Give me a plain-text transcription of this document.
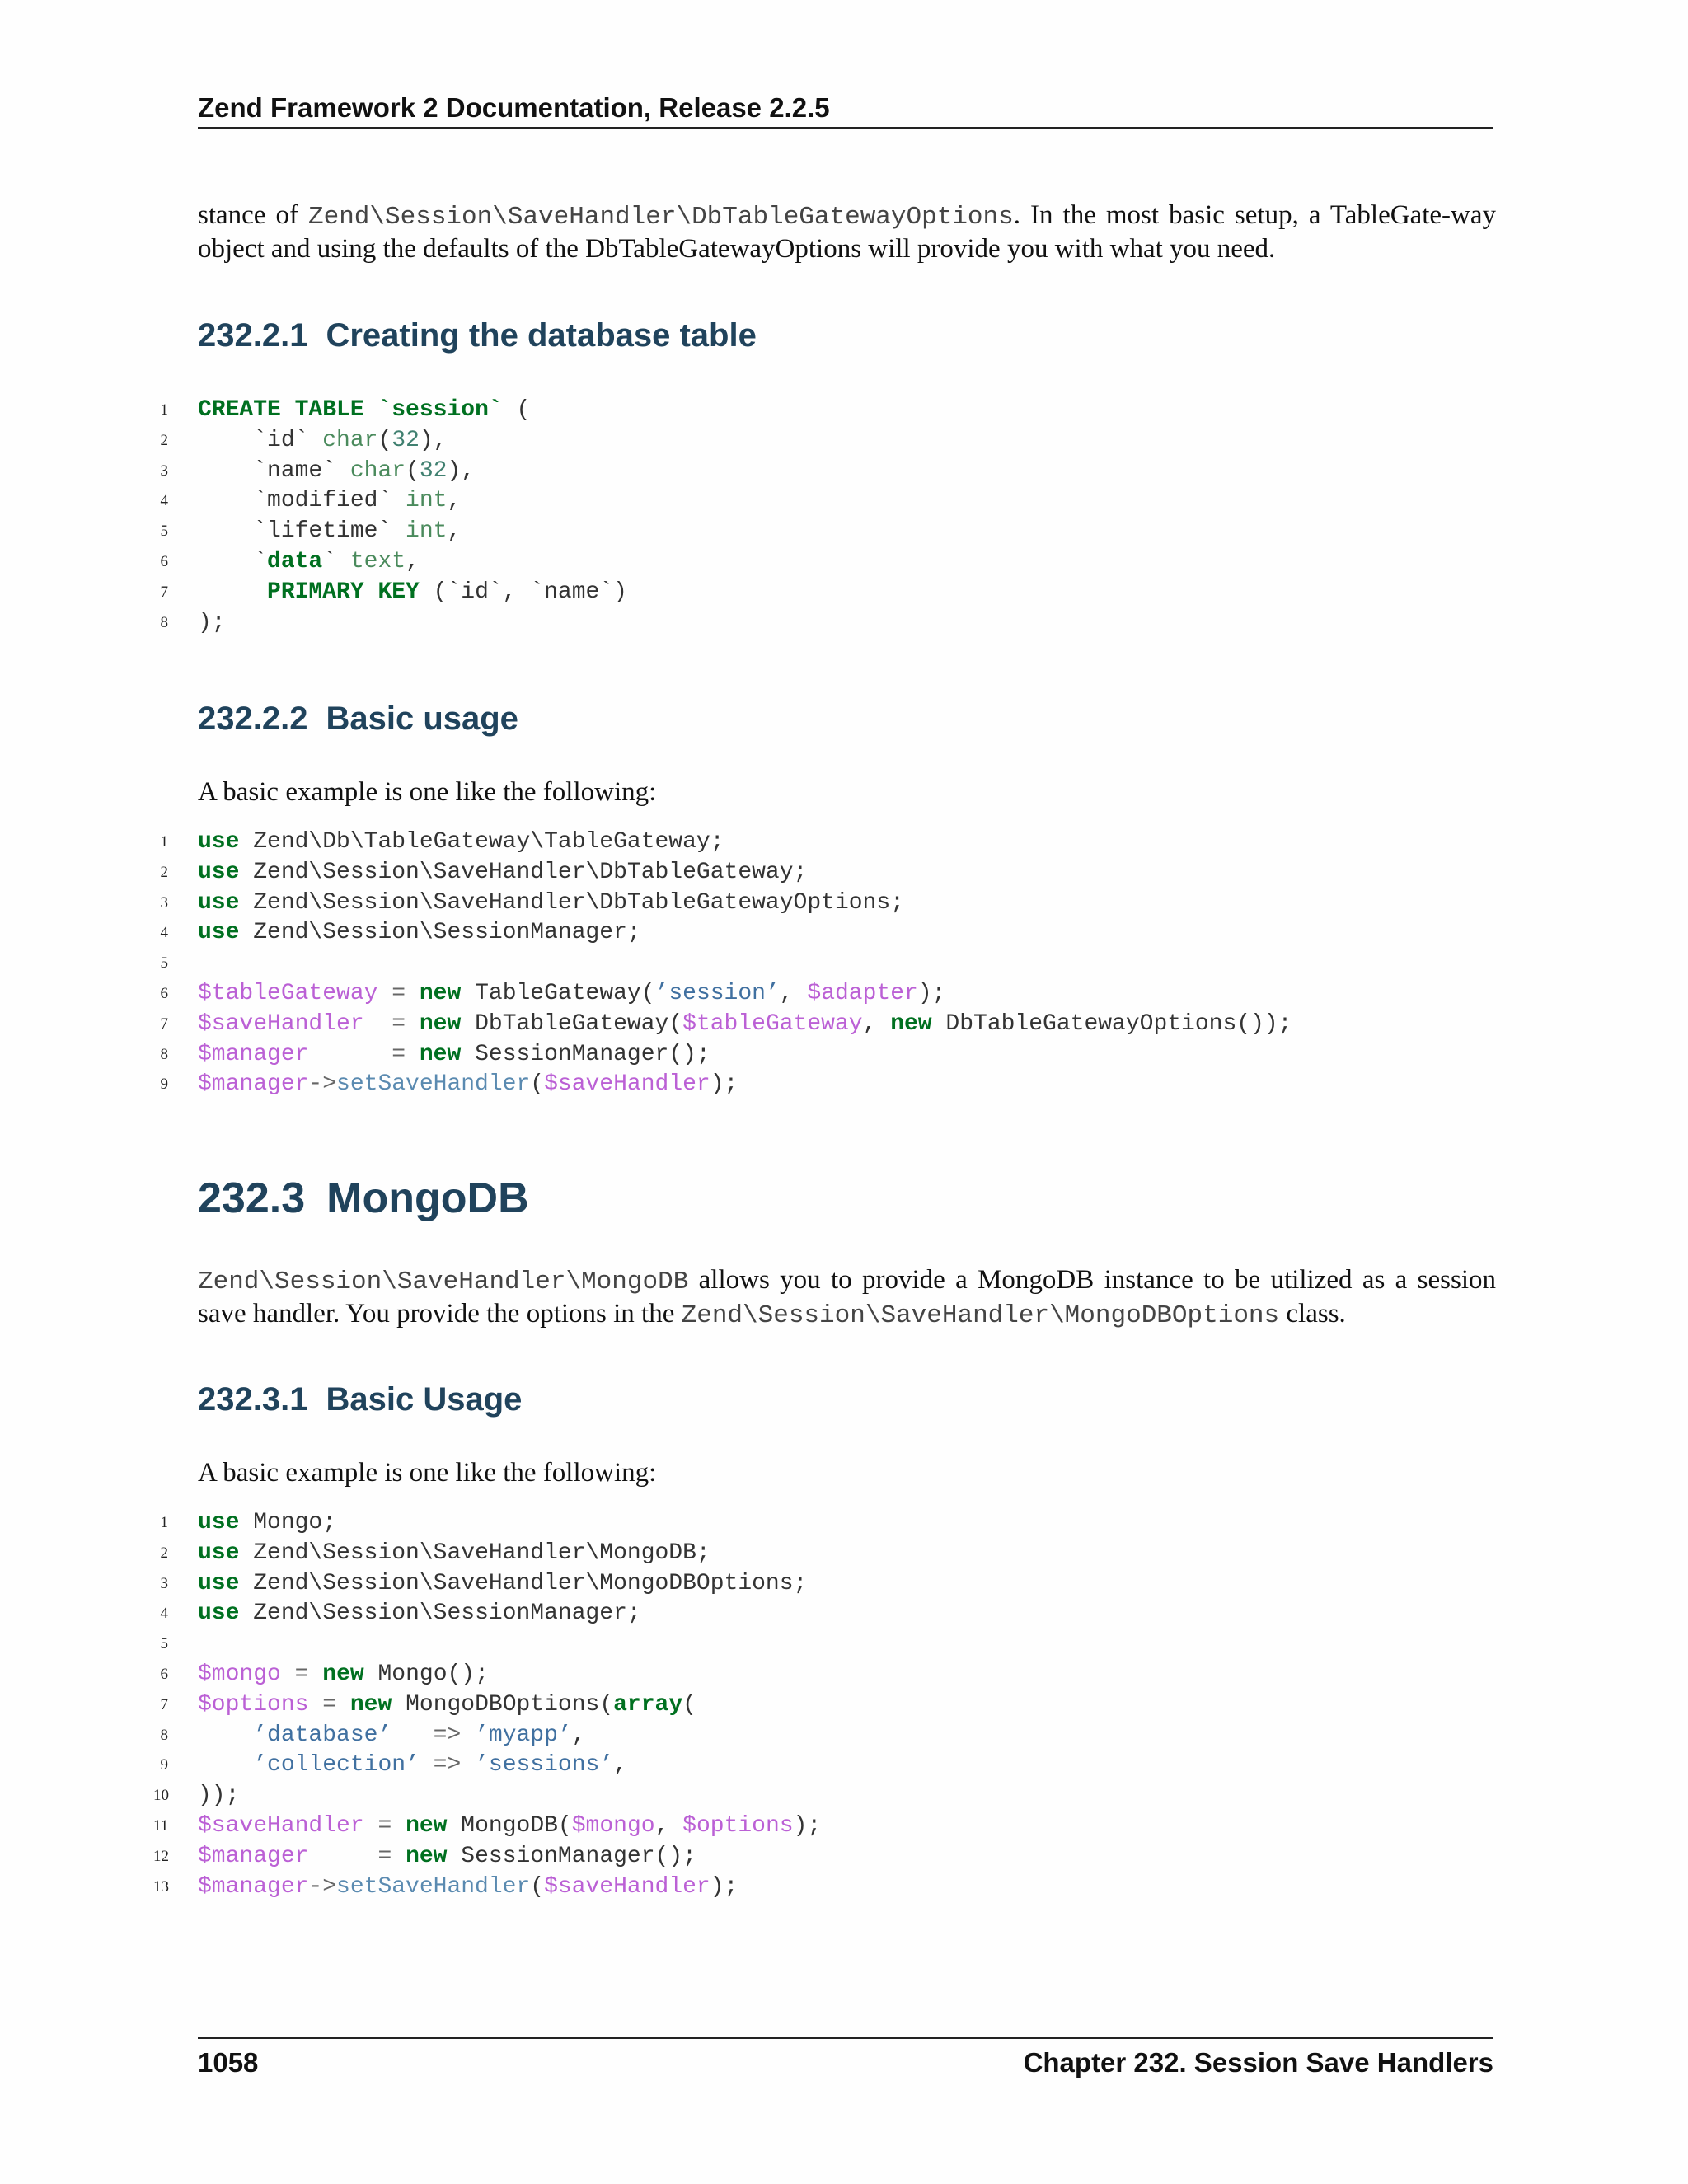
Zend Framework 2 Documentation, Release 2.2.5
stance of Zend\Session\SaveHandler\DbTableGatewayOptions. In the most basic setup, a TableGate-way object and using the defaults of the DbTableGatewayOptions will provide you with what you need.
232.2.1 Creating the database table
1 CREATE TABLE `session` (
2 `id` char(32),
3 `name` char(32),
4 `modified` int,
5 `lifetime` int,
6 `data` text,
7	PRIMARY KEY (`id`, `name`)
8 );
232.2.2 Basic usage
A basic example is one like the following:
1 use Zend\Db\TableGateway\TableGateway;
2 use Zend\Session\SaveHandler\DbTableGateway;
3 use Zend\Session\SaveHandler\DbTableGatewayOptions;
4 use Zend\Session\SessionManager;
5
6 $tableGateway = new TableGateway(’session’, $adapter);
7 $saveHandler = new DbTableGateway($tableGateway, new DbTableGatewayOptions());
8 $manager	= new SessionManager();
9 $manager->setSaveHandler($saveHandler);
232.3 MongoDB
Zend\Session\SaveHandler\MongoDB allows you to provide a MongoDB instance to be utilized as a session save handler. You provide the options in the Zend\Session\SaveHandler\MongoDBOptions class.
232.3.1 Basic Usage
A basic example is one like the following:
1 use Mongo;
2 use Zend\Session\SaveHandler\MongoDB;
3 use Zend\Session\SaveHandler\MongoDBOptions;
4 use Zend\Session\SessionManager;
5
6 $mongo = new Mongo();
7 $options = new MongoDBOptions(array(
8	’database’ => ’myapp’,
9	’collection’ => ’sessions’,
10 ));
11 $saveHandler = new MongoDB($mongo, $options);
12 $manager	= new SessionManager();
13 $manager->setSaveHandler($saveHandler);
1058	Chapter 232. Session Save Handlers
